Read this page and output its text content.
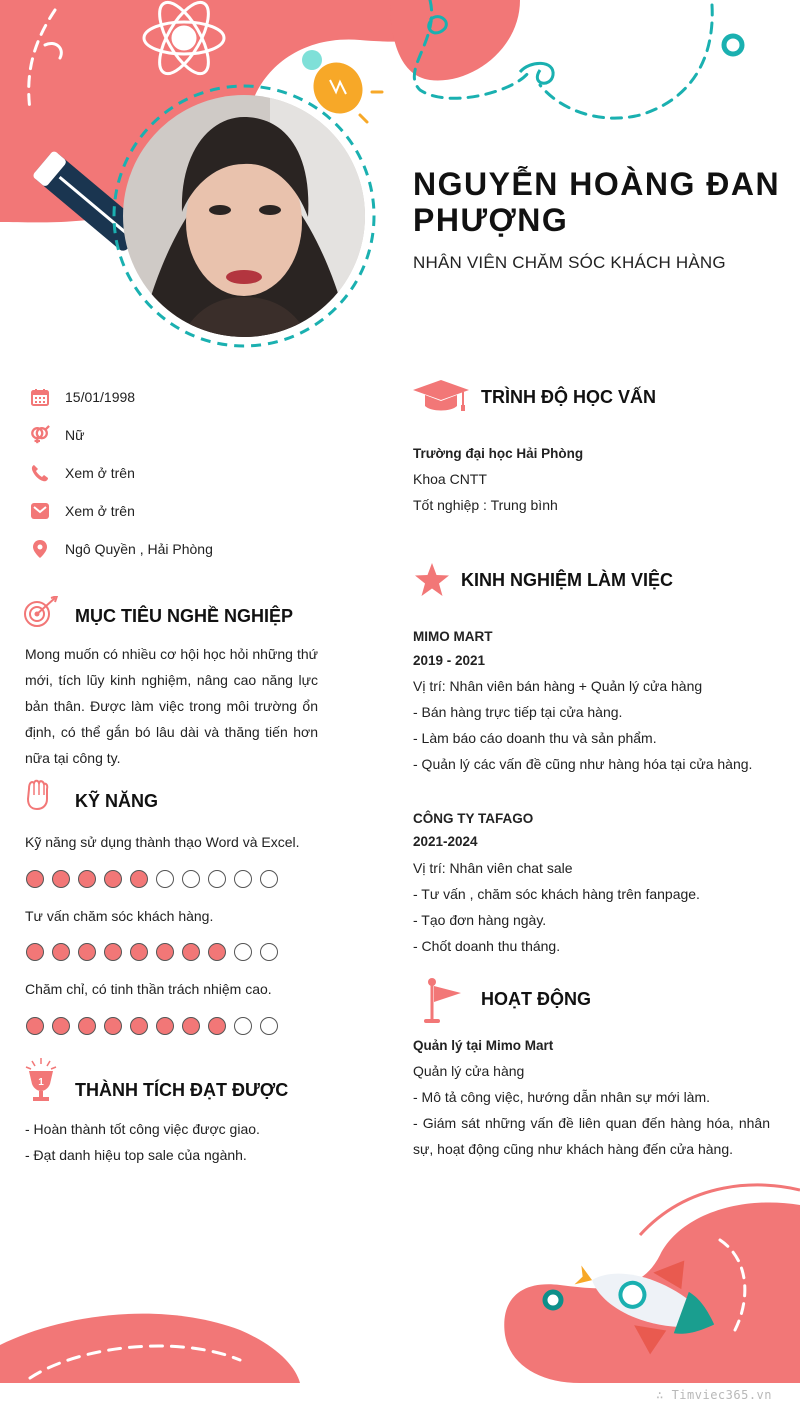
NGUYỄN HOÀNG ĐAN PHƯỢNG
NHÂN VIÊN CHĂM SÓC KHÁCH HÀNG
15/01/1998
Nữ
Xem ở trên
Xem ở trên
Ngô Quyền , Hải Phòng
MỤC TIÊU NGHỀ NGHIỆP
Mong muốn có nhiều cơ hội học hỏi những thứ mới, tích lũy kinh nghiệm, nâng cao năng lực bản thân. Được làm việc trong môi trường ổn định, có thể gắn bó lâu dài và thăng tiến hơn nữa tại công ty.
KỸ NĂNG
Kỹ năng sử dụng thành thạo Word và Excel.
Tư vấn chăm sóc khách hàng.
Chăm chỉ, có tinh thần trách nhiệm cao.
1 THÀNH TÍCH ĐẠT ĐƯỢC
- Hoàn thành tốt công việc được giao.
- Đạt danh hiệu top sale của ngành.
TRÌNH ĐỘ HỌC VẤN
Trường đại học Hải Phòng
Khoa CNTT
Tốt nghiệp : Trung bình
KINH NGHIỆM LÀM VIỆC
MIMO MART
2019 - 2021
Vị trí: Nhân viên bán hàng + Quản lý cửa hàng
- Bán hàng trực tiếp tại cửa hàng.
- Làm báo cáo doanh thu và sản phẩm.
- Quản lý các vấn đề cũng như hàng hóa tại cửa hàng.
CÔNG TY TAFAGO
2021-2024
Vị trí: Nhân viên chat sale
- Tư vấn , chăm sóc khách hàng trên fanpage.
- Tạo đơn hàng ngày.
- Chốt doanh thu tháng.
HOẠT ĐỘNG
Quản lý tại Mimo Mart
Quản lý cửa hàng
- Mô tả công việc, hướng dẫn nhân sự mới làm.
- Giám sát những vấn đề liên quan đến hàng hóa, nhân sự, hoạt động cũng như khách hàng đến cửa hàng.
∴ Timviec365.vn
